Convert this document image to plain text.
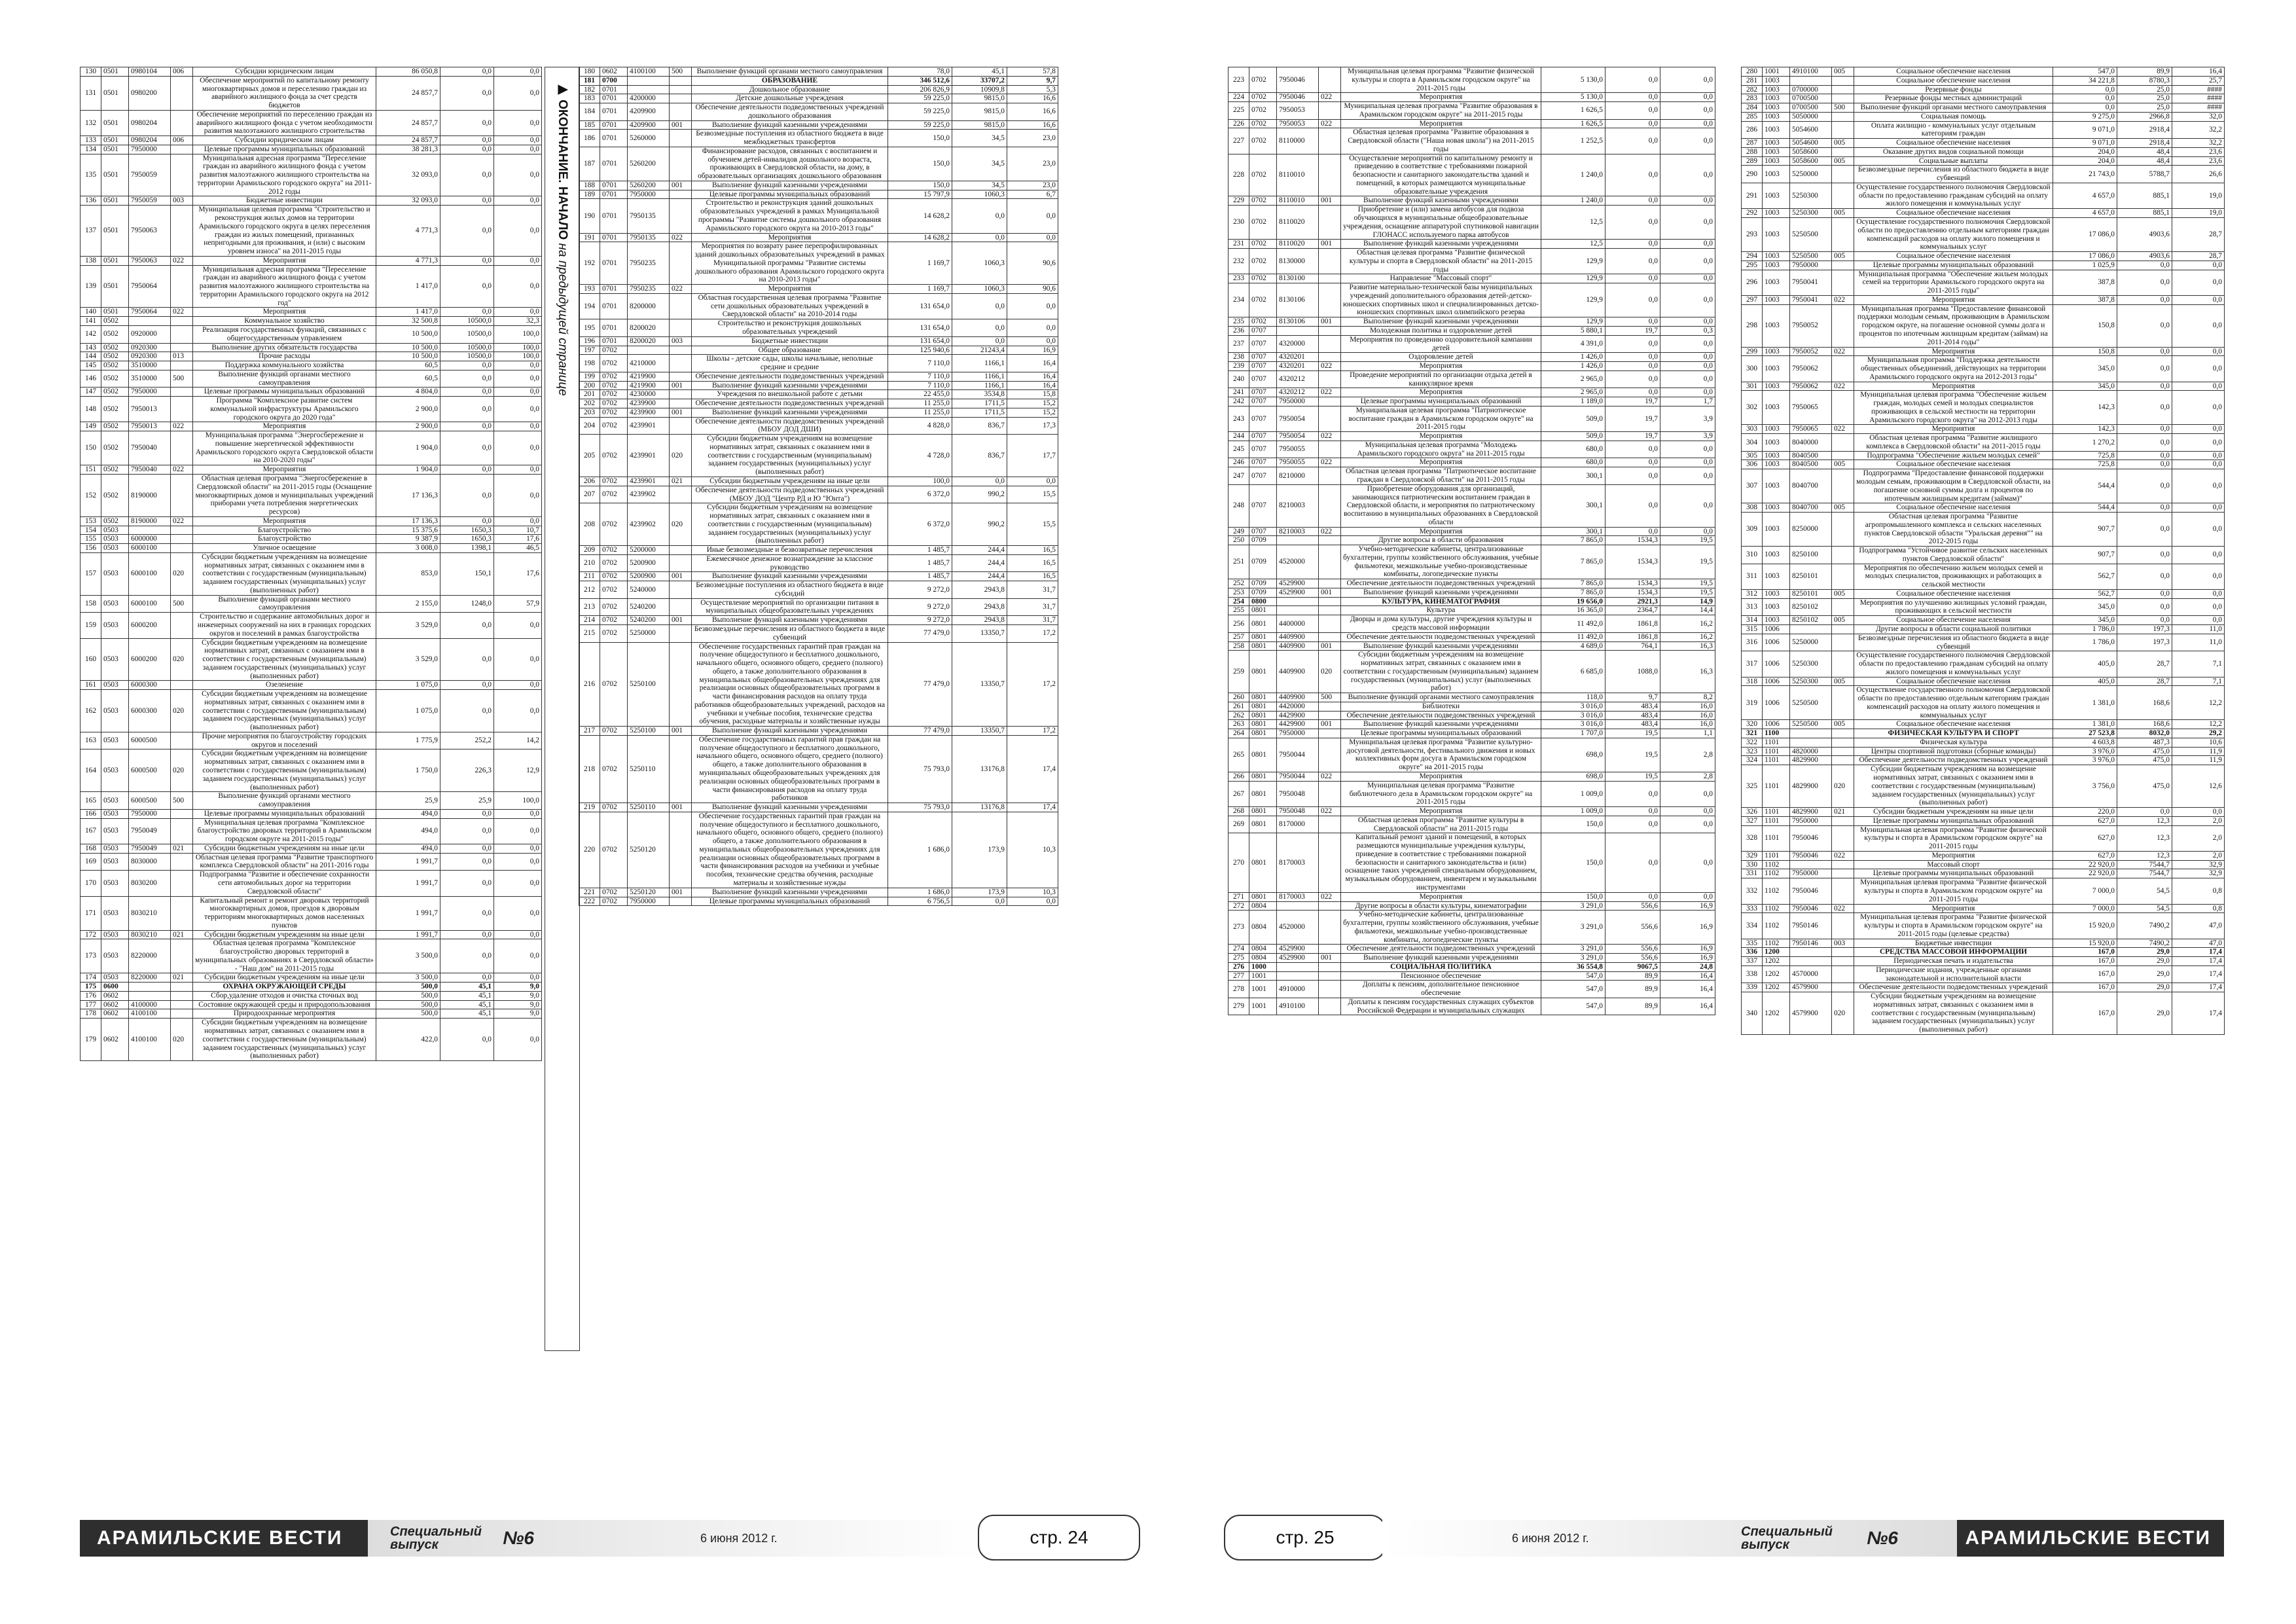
130	0501	0980104	006	Субсидии юридическим лицам	86 050,8	0,0	0,0
131	0501	0980200		Обеспечение мероприятий по капитальному ремонту многоквартирных домов и переселению граждан из аварийного жилищного фонда за счет средств бюджетов	24 857,7	0,0	0,0
132	0501	0980204		Обеспечение мероприятий по переселению граждан из аварийного жилищного фонда с учетом необходимости развития малоэтажного жилищного строительства	24 857,7	0,0	0,0
133	0501	0980204	006	Субсидии юридическим лицам	24 857,7	0,0	0,0
134	0501	7950000		Целевые программы муниципальных образований	38 281,3	0,0	0,0
135	0501	7950059		Муниципальная адресная программа "Переселение граждан из аварийного жилищного фонда с учетом развития малоэтажного жилищного строительства на территории Арамильского городского округа" на 2011-2012 годы	32 093,0	0,0	0,0
136	0501	7950059	003	Бюджетные инвестиции	32 093,0	0,0	0,0
137	0501	7950063		Муниципальная целевая программа "Строительство и реконструкция жилых домов на территории Арамильского городского округа в целях переселения граждан из жилых помещений, признанных непригодными для проживания, и (или) с высоким уровнем износа" на 2011-2015 годы	4 771,3	0,0	0,0
138	0501	7950063	022	Мероприятия	4 771,3	0,0	0,0
139	0501	7950064		Муниципальная адресная программа "Переселение граждан из аварийного жилищного фонда с учетом развития малоэтажного жилищного строительства на территории Арамильского городского округа на 2012 год"	1 417,0	0,0	0,0
140	0501	7950064	022	Мероприятия	1 417,0	0,0	0,0
141	0502			Коммунальное хозяйство	32 500,8	10500,0	32,3
142	0502	0920000		Реализация государственных функций, связанных с общегосударственным управлением	10 500,0	10500,0	100,0
143	0502	0920300		Выполнение других обязательств государства	10 500,0	10500,0	100,0
144	0502	0920300	013	Прочие расходы	10 500,0	10500,0	100,0
145	0502	3510000		Поддержка коммунального хозяйства	60,5	0,0	0,0
146	0502	3510000	500	Выполнение функций органами местного самоуправления	60,5	0,0	0,0
147	0502	7950000		Целевые программы муниципальных образований	4 804,0	0,0	0,0
148	0502	7950013		Программа "Комплексное развитие систем коммунальной инфраструктуры Арамильского городского округа до 2020 года"	2 900,0	0,0	0,0
149	0502	7950013	022	Мероприятия	2 900,0	0,0	0,0
150	0502	7950040		Муниципальная программа "Энергосбережение и повышение энергетической эффективности Арамильского городского округа Свердловской области на 2010-2020 годы"	1 904,0	0,0	0,0
151	0502	7950040	022	Мероприятия	1 904,0	0,0	0,0
152	0502	8190000		Областная целевая программа "Энергосбережение в Свердловской области" на 2011-2015 годы (Оснащение многоквартирных домов и муниципальных учреждений приборами учета потребления энергетических ресурсов)	17 136,3	0,0	0,0
153	0502	8190000	022	Мероприятия	17 136,3	0,0	0,0
154	0503			Благоустройство	15 375,6	1650,3	10,7
155	0503	6000000		Благоустройство	9 387,9	1650,3	17,6
156	0503	6000100		Уличное освещение	3 008,0	1398,1	46,5
157	0503	6000100	020	Субсидии бюджетным учреждениям на возмещение нормативных затрат, связанных с оказанием ими в соответствии с государственным (муниципальным) заданием государственных (муниципальных) услуг (выполненных работ)	853,0	150,1	17,6
158	0503	6000100	500	Выполнение функций органами местного самоуправления	2 155,0	1248,0	57,9
159	0503	6000200		Строительство и содержание автомобильных дорог и инженерных сооружений на них в границах городских округов и поселений в рамках благоустройства	3 529,0	0,0	0,0
160	0503	6000200	020	Субсидии бюджетным учреждениям на возмещение нормативных затрат, связанных с оказанием ими в соответствии с государственным (муниципальным) заданием государственных (муниципальных) услуг (выполненных работ)	3 529,0	0,0	0,0
161	0503	6000300		Озеленение	1 075,0	0,0	0,0
162	0503	6000300	020	Субсидии бюджетным учреждениям на возмещение нормативных затрат, связанных с оказанием ими в соответствии с государственным (муниципальным) заданием государственных (муниципальных) услуг (выполненных работ)	1 075,0	0,0	0,0
163	0503	6000500		Прочие мероприятия по благоустройству городских округов и поселений	1 775,9	252,2	14,2
164	0503	6000500	020	Субсидии бюджетным учреждениям на возмещение нормативных затрат, связанных с оказанием ими в соответствии с государственным (муниципальным) заданием государственных (муниципальных) услуг (выполненных работ)	1 750,0	226,3	12,9
165	0503	6000500	500	Выполнение функций органами местного самоуправления	25,9	25,9	100,0
166	0503	7950000		Целевые программы муниципальных образований	494,0	0,0	0,0
167	0503	7950049		Муниципальная целевая программа "Комплексное благоустройство дворовых территорий в Арамильском городском округе на 2011-2015 годы"	494,0	0,0	0,0
168	0503	7950049	021	Субсидии бюджетным учреждениям на иные цели	494,0	0,0	0,0
169	0503	8030000		Областная целевая программа "Развитие транспортного комплекса Свердловской области" на 2011-2016 годы	1 991,7	0,0	0,0
170	0503	8030200		Подпрограмма "Развитие и обеспечение сохранности сети автомобильных дорог на территории Свердловской области"	1 991,7	0,0	0,0
171	0503	8030210		Капитальный ремонт и ремонт дворовых территорий многоквартирных домов, проездов к дворовым территориям многоквартирных домов населенных пунктов	1 991,7	0,0	0,0
172	0503	8030210	021	Субсидии бюджетным учреждениям на иные цели	1 991,7	0,0	0,0
173	0503	8220000		Областная целевая программа "Комплексное благоустройство дворовых территорий в муниципальных образованиях в Свердловской области» - "Наш дом" на 2011-2015 годы	3 500,0	0,0	0,0
174	0503	8220000	021	Субсидии бюджетным учреждениям на иные цели	3 500,0	0,0	0,0
175	0600			ОХРАНА ОКРУЖАЮЩЕЙ СРЕДЫ	500,0	45,1	9,0
176	0602			Сбор,удаление отходов и очистка сточных вод	500,0	45,1	9,0
177	0602	4100000		Состояние окружающей среды и природопользования	500,0	45,1	9,0
178	0602	4100100		Природоохранные мероприятия	500,0	45,1	9,0
179	0602	4100100	020	Субсидии бюджетным учреждениям на возмещение нормативных затрат, связанных с оказанием ими в соответствии с государственным (муниципальным) заданием государственных (муниципальных) услуг (выполненных работ)	422,0	0,0	0,0
▶ ОКОНЧАНИЕ. НАЧАЛО на предыдущей странице
180	0602	4100100	500	Выполнение функций органами местного самоуправления	78,0	45,1	57,8
181	0700			ОБРАЗОВАНИЕ	346 512,6	33707,2	9,7
182	0701			Дошкольное образование	206 826,9	10909,8	5,3
183	0701	4200000		Детские дошкольные учреждения	59 225,0	9815,0	16,6
184	0701	4209900		Обеспечение деятельности подведомственных учреждений дошкольного образования	59 225,0	9815,0	16,6
185	0701	4209900	001	Выполнение функций казенными учреждениями	59 225,0	9815,0	16,6
186	0701	5260000		Безвозмездные поступления из областного бюджета в виде межбюджетных трансфертов	150,0	34,5	23,0
187	0701	5260200		Финансирование расходов, связанных с воспитанием и обучением детей-инвалидов дошкольного возраста, проживающих в Свердловской области, на дому, в образовательных организациях дошкольного образования	150,0	34,5	23,0
188	0701	5260200	001	Выполнение функций казенными учреждениями	150,0	34,5	23,0
189	0701	7950000		Целевые программы муниципальных образований	15 797,9	1060,3	6,7
190	0701	7950135		Строительство и реконструкция зданий дошкольных образовательных учреждений в рамках Муниципальной программы "Развитие системы дошкольного образования Арамильского городского округа на 2010-2013 годы"	14 628,2	0,0	0,0
191	0701	7950135	022	Мероприятия	14 628,2	0,0	0,0
192	0701	7950235		Мероприятия по возврату ранее перепрофилированных зданий дошкольных образовательных учреждений в рамках Муниципальной программы "Развитие системы дошкольного образования Арамильского городского округа на 2010-2013 годы"	1 169,7	1060,3	90,6
193	0701	7950235	022	Мероприятия	1 169,7	1060,3	90,6
194	0701	8200000		Областная государственная целевая программа "Развитие сети дошкольных образовательных учреждений в Свердловской области" на 2010-2014 годы	131 654,0	0,0	0,0
195	0701	8200020		Строительство и реконструкция дошкольных образовательных учреждений	131 654,0	0,0	0,0
196	0701	8200020	003	Бюджетные инвестиции	131 654,0	0,0	0,0
197	0702			Общее образование	125 940,6	21243,4	16,9
198	0702	4210000		Школы - детские сады, школы начальные, неполные средние и средние	7 110,0	1166,1	16,4
199	0702	4219900		Обеспечение деятельности подведомственных учреждений	7 110,0	1166,1	16,4
200	0702	4219900	001	Выполнение функций казенными учреждениями	7 110,0	1166,1	16,4
201	0702	4230000		Учреждения по внешкольной работе с детьми	22 455,0	3534,8	15,8
202	0702	4239900		Обеспечение деятельности подведомственных учреждений	11 255,0	1711,5	15,2
203	0702	4239900	001	Выполнение функций казенными учреждениями	11 255,0	1711,5	15,2
204	0702	4239901		Обеспечение деятельности подведомственных учреждений (МБОУ ДОД ДШИ)	4 828,0	836,7	17,3
205	0702	4239901	020	Субсидии бюджетным учреждениям на возмещение нормативных затрат, связанных с оказанием ими в соответствии с государственным (муниципальным) заданием государственных (муниципальных) услуг (выполненных работ)	4 728,0	836,7	17,7
206	0702	4239901	021	Субсидии бюджетным учреждениям на иные цели	100,0	0,0	0,0
207	0702	4239902		Обеспечение деятельности подведомственных учреждений (МБОУ ДОД "Центр РД и Ю "Юнта")	6 372,0	990,2	15,5
208	0702	4239902	020	Субсидии бюджетным учреждениям на возмещение нормативных затрат, связанных с оказанием ими в соответствии с государственным (муниципальным) заданием государственных (муниципальных) услуг (выполненных работ)	6 372,0	990,2	15,5
209	0702	5200000		Иные безвозмездные и безвозвратные перечисления	1 485,7	244,4	16,5
210	0702	5200900		Ежемесячное денежное вознаграждение за классное руководство	1 485,7	244,4	16,5
211	0702	5200900	001	Выполнение функций казенными учреждениями	1 485,7	244,4	16,5
212	0702	5240000		Безвозмездные поступления из областного бюджета в виде субсидий	9 272,0	2943,8	31,7
213	0702	5240200		Осуществление мероприятий по организации питания в муниципальных общеобразовательных учреждениях	9 272,0	2943,8	31,7
214	0702	5240200	001	Выполнение функций казенными учреждениями	9 272,0	2943,8	31,7
215	0702	5250000		Безвозмездные перечисления из областного бюджета в виде субвенций	77 479,0	13350,7	17,2
216	0702	5250100		Обеспечение государственных гарантий прав граждан на получение общедоступного и бесплатного дошкольного, начального общего, основного общего, среднего (полного) общего, а также дополнительного образования в муниципальных общеобразовательных учреждениях для реализации основных общеобразовательных программ в части финансирования расходов на оплату труда работников общеобразовательных учреждений, расходов на учебники и учебные пособия, технические средства обучения, расходные материалы и хозяйственные нужды	77 479,0	13350,7	17,2
217	0702	5250100	001	Выполнение функций казенными учреждениями	77 479,0	13350,7	17,2
218	0702	5250110		Обеспечение государственных гарантий прав граждан на получение общедоступного и бесплатного дошкольного, начального общего, основного общего, среднего (полного) общего, а также дополнительного образования в муниципальных общеобразовательных учреждениях для реализации основных общеобразовательных программ в части финансирования расходов на оплату труда работников	75 793,0	13176,8	17,4
219	0702	5250110	001	Выполнение функций казенными учреждениями	75 793,0	13176,8	17,4
220	0702	5250120		Обеспечение государственных гарантий прав граждан на получение общедоступного и бесплатного дошкольного, начального общего, основного общего, среднего (полного) общего, а также дополнительного образования в муниципальных общеобразовательных учреждениях для реализации основных общеобразовательных программ в части финансирования расходов на учебники и учебные пособия, технические средства обучения, расходные материалы и хозяйственные нужды	1 686,0	173,9	10,3
221	0702	5250120	001	Выполнение функций казенными учреждениями	1 686,0	173,9	10,3
222	0702	7950000		Целевые программы муниципальных образований	6 756,5	0,0	0,0
223	0702	7950046		Муниципальная целевая программа "Развитие физической культуры и спорта в Арамильском городском округе" на 2011-2015 годы	5 130,0	0,0	0,0
224	0702	7950046	022	Мероприятия	5 130,0	0,0	0,0
225	0702	7950053		Муниципальная целевая программа "Развитие образования в Арамильском городском округе" на 2011-2015 годы	1 626,5	0,0	0,0
226	0702	7950053	022	Мероприятия	1 626,5	0,0	0,0
227	0702	8110000		Областная целевая программа "Развитие образования в Свердловской области ("Наша новая школа") на 2011-2015 годы	1 252,5	0,0	0,0
228	0702	8110010		Осуществление мероприятий по капитальному ремонту и приведению в соответствие с требованиями пожарной безопасности и санитарного законодательства зданий и помещений, в которых размещаются муниципальные образовательные учреждения	1 240,0	0,0	0,0
229	0702	8110010	001	Выполнение функций казенными учреждениями	1 240,0	0,0	0,0
230	0702	8110020		Приобретение и (или) замена автобусов для подвоза обучающихся в муниципальные общеобразовательные учреждения, оснащение аппаратурой спутниковой навигации ГЛОНАСС используемого парка автобусов	12,5	0,0	0,0
231	0702	8110020	001	Выполнение функций казенными учреждениями	12,5	0,0	0,0
232	0702	8130000		Областная целевая программа "Развитие физической культуры и спорта в Свердловской области" на 2011-2015 годы	129,9	0,0	0,0
233	0702	8130100		Направление "Массовый спорт"	129,9	0,0	0,0
234	0702	8130106		Развитие материально-технической базы муниципальных учреждений дополнительного образования детей-детско-юношеских спортивных школ и специализированных детско-юношеских спортивных школ олимпийского резерва	129,9	0,0	0,0
235	0702	8130106	001	Выполнение функций казенными учреждениями	129,9	0,0	0,0
236	0707			Молодежная политика и оздоровление детей	5 880,1	19,7	0,3
237	0707	4320000		Мероприятия по проведению оздоровительной кампании детей	4 391,0	0,0	0,0
238	0707	4320201		Оздоровление детей	1 426,0	0,0	0,0
239	0707	4320201	022	Мероприятия	1 426,0	0,0	0,0
240	0707	4320212		Проведение мероприятий по организации отдыха детей в каникулярное время	2 965,0	0,0	0,0
241	0707	4320212	022	Мероприятия	2 965,0	0,0	0,0
242	0707	7950000		Целевые программы муниципальных образований	1 189,0	19,7	1,7
243	0707	7950054		Муниципальная целевая программа "Патриотическое воспитание граждан в Арамильском городском округе" на 2011-2015 годы	509,0	19,7	3,9
244	0707	7950054	022	Мероприятия	509,0	19,7	3,9
245	0707	7950055		Муниципальная целевая программа "Молодежь Арамильского городского округа" на 2011-2015 годы	680,0	0,0	0,0
246	0707	7950055	022	Мероприятия	680,0	0,0	0,0
247	0707	8210000		Областная целевая программа "Патриотическое воспитание граждан в Свердловской области" на 2011-2015 годы	300,1	0,0	0,0
248	0707	8210003		Приобретение оборудования для организаций, занимающихся патриотическим воспитанием граждан в Свердловской области, и мероприятия по патриотическому воспитанию в муниципальных образованиях в Свердловской области	300,1	0,0	0,0
249	0707	8210003	022	Мероприятия	300,1	0,0	0,0
250	0709			Другие вопросы в области образования	7 865,0	1534,3	19,5
251	0709	4520000		Учебно-методические кабинеты, централизованные бухгалтерии, группы хозяйственного обслуживания, учебные фильмотеки, межшкольные учебно-производственные комбинаты, логопедические пункты	7 865,0	1534,3	19,5
252	0709	4529900		Обеспечение деятельности подведомственных учреждений	7 865,0	1534,3	19,5
253	0709	4529900	001	Выполнение функций казенными учреждениями	7 865,0	1534,3	19,5
254	0800			КУЛЬТУРА, КИНЕМАТОГРАФИЯ	19 656,0	2921,3	14,9
255	0801			Культура	16 365,0	2364,7	14,4
256	0801	4400000		Дворцы и дома культуры, другие учреждения культуры и средств массовой информации	11 492,0	1861,8	16,2
257	0801	4409900		Обеспечение деятельности подведомственных учреждений	11 492,0	1861,8	16,2
258	0801	4409900	001	Выполнение функций казенными учреждениями	4 689,0	764,1	16,3
259	0801	4409900	020	Субсидии бюджетным учреждениям на возмещение нормативных затрат, связанных с оказанием ими в соответствии с государственным (муниципальным) заданием государственных (муниципальных) услуг (выполненных работ)	6 685,0	1088,0	16,3
260	0801	4409900	500	Выполнение функций органами местного самоуправления	118,0	9,7	8,2
261	0801	4420000		Библиотеки	3 016,0	483,4	16,0
262	0801	4429900		Обеспечение деятельности подведомственных учреждений	3 016,0	483,4	16,0
263	0801	4429900	001	Выполнение функций казенными учреждениями	3 016,0	483,4	16,0
264	0801	7950000		Целевые программы муниципальных образований	1 707,0	19,5	1,1
265	0801	7950044		Муниципальная целевая программа "Развитие культурно-досуговой деятельности, фестивального движения и новых коллективных форм досуга в Арамильском городском округе" на 2011-2015 годы	698,0	19,5	2,8
266	0801	7950044	022	Мероприятия	698,0	19,5	2,8
267	0801	7950048		Муниципальная целевая программа "Развитие библиотечного дела в Арамильском городском округе" на 2011-2015 годы	1 009,0	0,0	0,0
268	0801	7950048	022	Мероприятия	1 009,0	0,0	0,0
269	0801	8170000		Областная целевая программа "Развитие культуры в Свердловской области" на 2011-2015 годы	150,0	0,0	0,0
270	0801	8170003		Капитальный ремонт зданий и помещений, в которых размещаются муниципальные учреждения культуры, приведение в соответствие с требованиями пожарной безопасности и санитарного законодательства и (или) оснащение таких учреждений специальным оборудованием, музыкальным оборудованием, инвентарем и музыкальными инструментами	150,0	0,0	0,0
271	0801	8170003	022	Мероприятия	150,0	0,0	0,0
272	0804			Другие вопросы в области культуры, кинематографии	3 291,0	556,6	16,9
273	0804	4520000		Учебно-методические кабинеты, централизованные бухгалтерии, группы хозяйственного обслуживания, учебные фильмотеки, межшкольные учебно-производственные комбинаты, логопедические пункты	3 291,0	556,6	16,9
274	0804	4529900		Обеспечение деятельности подведомственных учреждений	3 291,0	556,6	16,9
275	0804	4529900	001	Выполнение функций казенными учреждениями	3 291,0	556,6	16,9
276	1000			СОЦИАЛЬНАЯ ПОЛИТИКА	36 554,8	9067,5	24,8
277	1001			Пенсионное обеспечение	547,0	89,9	16,4
278	1001	4910000		Доплаты к пенсиям, дополнительное пенсионное обеспечение	547,0	89,9	16,4
279	1001	4910100		Доплаты к пенсиям государственных служащих субъектов Российской Федерации и муниципальных служащих	547,0	89,9	16,4
280	1001	4910100	005	Социальное обеспечение населения	547,0	89,9	16,4
281	1003			Социальное обеспечение населения	34 221,8	8780,3	25,7
282	1003	0700000		Резервные фонды	0,0	25,0	####
283	1003	0700500		Резервные фонды местных администраций	0,0	25,0	####
284	1003	0700500	500	Выполнение функций органами местного самоуправления	0,0	25,0	####
285	1003	5050000		Социальная помощь	9 275,0	2966,8	32,0
286	1003	5054600		Оплата жилищно - коммунальных услуг отдельным категориям граждан	9 071,0	2918,4	32,2
287	1003	5054600	005	Социальное обеспечение населения	9 071,0	2918,4	32,2
288	1003	5058600		Оказание других видов социальной помощи	204,0	48,4	23,6
289	1003	5058600	005	Социальные выплаты	204,0	48,4	23,6
290	1003	5250000		Безвозмездные перечисления из областного бюджета в виде субвенций	21 743,0	5788,7	26,6
291	1003	5250300		Осуществление государственного полномочия Свердловской области по предоставлению гражданам субсидий на оплату жилого помещения и коммунальных услуг	4 657,0	885,1	19,0
292	1003	5250300	005	Социальное обеспечение населения	4 657,0	885,1	19,0
293	1003	5250500		Осуществление государственного полномочия Свердловской области по предоставлению отдельным категориям граждан компенсаций расходов на оплату жилого помещения и коммунальных услуг	17 086,0	4903,6	28,7
294	1003	5250500	005	Социальное обеспечение населения	17 086,0	4903,6	28,7
295	1003	7950000		Целевые программы муниципальных образований	1 025,9	0,0	0,0
296	1003	7950041		Муниципальная программа "Обеспечение жильем молодых семей на территории Арамильского городского округа на 2011-2015 годы"	387,8	0,0	0,0
297	1003	7950041	022	Мероприятия	387,8	0,0	0,0
298	1003	7950052		Муниципальная программа "Предоставление финансовой поддержки молодым семьям, проживающим в Арамильском городском округе, на погашение основной суммы долга и процентов по ипотечным жилищным кредитам (займам) на 2011-2014 годы"	150,8	0,0	0,0
299	1003	7950052	022	Мероприятия	150,8	0,0	0,0
300	1003	7950062		Муниципальная программа "Поддержка деятельности общественных объединений, действующих на территории Арамильского городского округа на 2012-2013 годы"	345,0	0,0	0,0
301	1003	7950062	022	Мероприятия	345,0	0,0	0,0
302	1003	7950065		Муниципальная целевая программа "Обеспечение жильем граждан, молодых семей и молодых специалистов проживающих в сельской местности на территории Арамильского городского округа" на 2012-2013 годы	142,3	0,0	0,0
303	1003	7950065	022	Мероприятия	142,3	0,0	0,0
304	1003	8040000		Областная целевая программа "Развитие жилищного комплекса в Свердловской области" на 2011-2015 годы	1 270,2	0,0	0,0
305	1003	8040500		Подпрограмма "Обеспечение жильем молодых семей"	725,8	0,0	0,0
306	1003	8040500	005	Социальное обеспечение населения	725,8	0,0	0,0
307	1003	8040700		Подпрограмма "Предоставление финансовой поддержки молодым семьям, проживающим в Свердловской области, на погашение основной суммы долга и процентов по ипотечным жилищным кредитам (займам)"	544,4	0,0	0,0
308	1003	8040700	005	Социальное обеспечение населения	544,4	0,0	0,0
309	1003	8250000		Областная целевая программа "Развитие агропромышленного комплекса и сельских населенных пунктов Свердловской области "Уральская деревня"" на 2012-2015 годы	907,7	0,0	0,0
310	1003	8250100		Подпрограмма "Устойчивое развитие сельских населенных пунктов Свердловской области"	907,7	0,0	0,0
311	1003	8250101		Мероприятия по обеспечению жильем молодых семей и молодых специалистов, проживающих и работающих в сельской местности	562,7	0,0	0,0
312	1003	8250101	005	Социальное обеспечение населения	562,7	0,0	0,0
313	1003	8250102		Мероприятия по улучшению жилищных условий граждан, проживающих в сельской местности	345,0	0,0	0,0
314	1003	8250102	005	Социальное обеспечение населения	345,0	0,0	0,0
315	1006			Другие вопросы в области социальной политики	1 786,0	197,3	11,0
316	1006	5250000		Безвозмездные перечисления из областного бюджета в виде субвенций	1 786,0	197,3	11,0
317	1006	5250300		Осуществление государственного полномочия Свердловской области по предоставлению гражданам субсидий на оплату жилого помещения и коммунальных услуг	405,0	28,7	7,1
318	1006	5250300	005	Социальное обеспечение населения	405,0	28,7	7,1
319	1006	5250500		Осуществление государственного полномочия Свердловской области по предоставлению отдельным категориям граждан компенсаций расходов на оплату жилого помещения и коммунальных услуг	1 381,0	168,6	12,2
320	1006	5250500	005	Социальное обеспечение населения	1 381,0	168,6	12,2
321	1100			ФИЗИЧЕСКАЯ КУЛЬТУРА И СПОРТ	27 523,8	8032,0	29,2
322	1101			Физическая культура	4 603,8	487,3	10,6
323	1101	4820000		Центры спортивной подготовки (сборные команды)	3 976,0	475,0	11,9
324	1101	4829900		Обеспечение деятельности подведомственных учреждений	3 976,0	475,0	11,9
325	1101	4829900	020	Субсидии бюджетным учреждениям на возмещение нормативных затрат, связанных с оказанием ими в соответствии с государственным (муниципальным) заданием государственных (муниципальных) услуг (выполненных работ)	3 756,0	475,0	12,6
326	1101	4829900	021	Субсидии бюджетным учреждениям на иные цели	220,0	0,0	0,0
327	1101	7950000		Целевые программы муниципальных образований	627,0	12,3	2,0
328	1101	7950046		Муниципальная целевая программа "Развитие физической культуры и спорта в Арамильском городском округе" на 2011-2015 годы	627,0	12,3	2,0
329	1101	7950046	022	Мероприятия	627,0	12,3	2,0
330	1102			Массовый спорт	22 920,0	7544,7	32,9
331	1102	7950000		Целевые программы муниципальных образований	22 920,0	7544,7	32,9
332	1102	7950046		Муниципальная целевая программа "Развитие физической культуры и спорта в Арамильском городском округе" на 2011-2015 годы	7 000,0	54,5	0,8
333	1102	7950046	022	Мероприятия	7 000,0	54,5	0,8
334	1102	7950146		Муниципальная целевая программа "Развитие физической культуры и спорта в Арамильском городском округе" на 2011-2015 годы (целевые средства)	15 920,0	7490,2	47,0
335	1102	7950146	003	Бюджетные инвестиции	15 920,0	7490,2	47,0
336	1200			СРЕДСТВА МАССОВОЙ ИНФОРМАЦИИ	167,0	29,0	17,4
337	1202			Периодическая печать и издательства	167,0	29,0	17,4
338	1202	4570000		Периодические издания, учрежденные органами законодательной и исполнительной власти	167,0	29,0	17,4
339	1202	4579900		Обеспечение деятельности подведомственных учреждений	167,0	29,0	17,4
340	1202	4579900	020	Субсидии бюджетным учреждениям на возмещение нормативных затрат, связанных с оказанием ими в соответствии с государственным (муниципальным) заданием государственных (муниципальных) услуг (выполненных работ)	167,0	29,0	17,4
АРАМИЛЬСКИЕ ВЕСТИ	Специальный выпуск
	№6	6 июня 2012 г.	стр. 24	стр. 25	6 июня 2012 г.	Специальный выпуск
	№6	АРАМИЛЬСКИЕ ВЕСТИ
